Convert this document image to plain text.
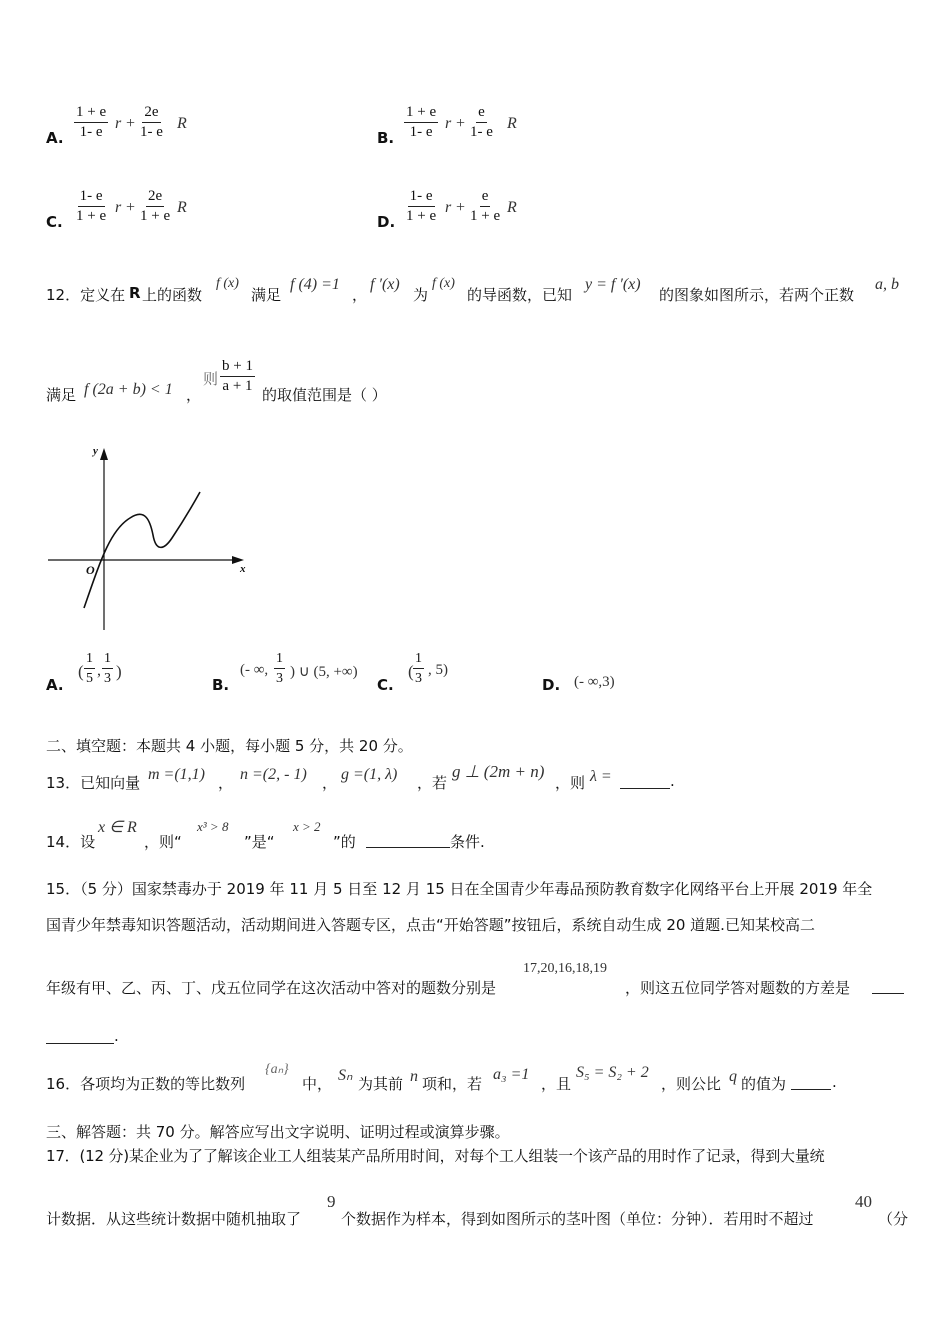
A. $\frac{1 + e}{1- e}$ $r + \frac{2e}{1- e}$ R
B. $\frac{1 + e}{1- e}$ $r + \frac{e}{1- e}$ R
C. $\frac{1- e}{1 + e}$ $r + \frac{2e}{1 + e}$ R
D. $\frac{1- e}{1 + e}$ $r + \frac{e}{1 + e}$ R
12．定义在 R 上的函数
f (x)
满足
f (4) =1
，
f ′(x)
为
f (x)
的导函数，已知
y = f ′(x)
的图象如图所示，若两个正数
a, b
满足 f (2a + b) < 1 ，
则 $\frac{b + 1}{a + 1}$ 的取值范围是（ ）
y
x
O
A.
( $\frac{1}{5}$ , $\frac{1}{3}$ )
B.
(- ∞, $\frac{1}{3}$ ) ∪ (5, +∞)
C.
( $\frac{1}{3}$ , 5)
D. (- ∞,3)
二、填空题：本题共 4 小题，每小题 5 分，共 20 分。
13．已知向量 m =(1,1) ， n =(2, - 1) ， g =(1, λ) ，若
g ⊥ (2m + n)
，则 λ =	.
14．设
x ∈ R
，则“
x³ > 8
”是“
x > 2
”的	条件.
15．（5 分）国家禁毒办于 2019 年 11 月 5 日至 12 月 15 日在全国青少年毒品预防教育数字化网络平台上开展 2019 年全
国青少年禁毒知识答题活动，活动期间进入答题专区，点击“开始答题”按钮后，系统自动生成 20 道题.已知某校高二
年级有甲、乙、丙、丁、戊五位同学在这次活动中答对的题数分别是
17,20,16,18,19
，则这五位同学答对题数的方差是
.
16．各项均为正数的等比数列
{aₙ}
中， Sₙ 为其前 n 项和，若
a₃ =1
，且
S₅ = S₂ + 2
，则公比 q 的值为	.
三、解答题：共 70 分。解答应写出文字说明、证明过程或演算步骤。
17．(12 分)某企业为了了解该企业工人组装某产品所用时间，对每个工人组装一个该产品的用时作了记录，得到大量统
计数据．从这些统计数据中随机抽取了
9
个数据作为样本，得到如图所示的茎叶图（单位：分钟）．若用时不超过
40
（分
